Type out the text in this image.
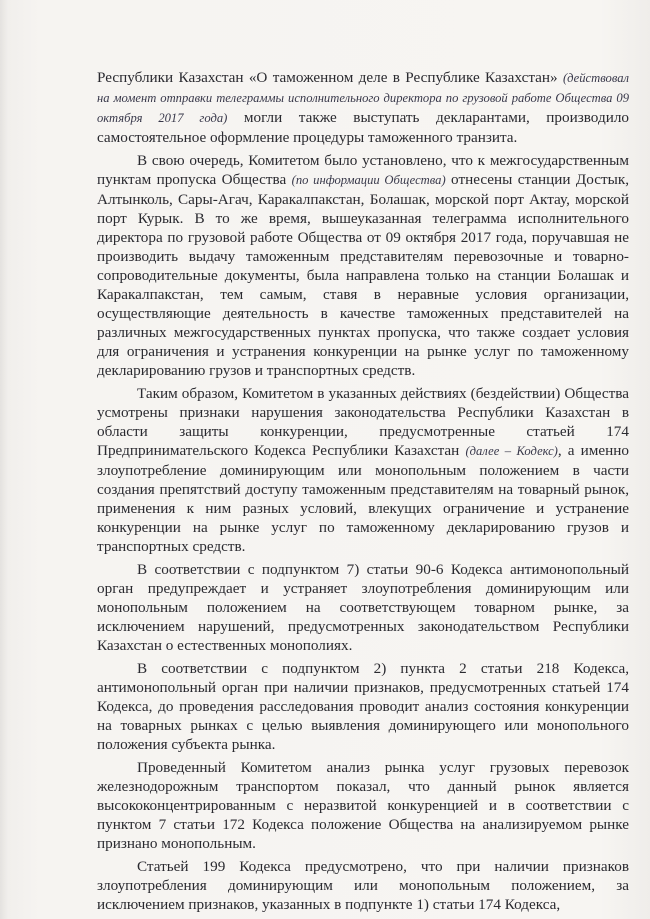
Республики Казахстан «О таможенном деле в Республике Казахстан» (действовал на момент отправки телеграммы исполнительного директора по грузовой работе Общества 09 октября 2017 года) могли также выступать декларантами, производило самостоятельное оформление процедуры таможенного транзита.

В свою очередь, Комитетом было установлено, что к межгосударственным пунктам пропуска Общества (по информации Общества) отнесены станции Достык, Алтынколь, Сары-Агач, Каракалпакстан, Болашак, морской порт Актау, морской порт Курык. В то же время, вышеуказанная телеграмма исполнительного директора по грузовой работе Общества от 09 октября 2017 года, поручавшая не производить выдачу таможенным представителям перевозочные и товарно-сопроводительные документы, была направлена только на станции Болашак и Каракалпакстан, тем самым, ставя в неравные условия организации, осуществляющие деятельность в качестве таможенных представителей на различных межгосударственных пунктах пропуска, что также создает условия для ограничения и устранения конкуренции на рынке услуг по таможенному декларированию грузов и транспортных средств.

Таким образом, Комитетом в указанных действиях (бездействии) Общества усмотрены признаки нарушения законодательства Республики Казахстан в области защиты конкуренции, предусмотренные статьей 174 Предпринимательского Кодекса Республики Казахстан (далее – Кодекс), а именно злоупотребление доминирующим или монопольным положением в части создания препятствий доступу таможенным представителям на товарный рынок, применения к ним разных условий, влекущих ограничение и устранение конкуренции на рынке услуг по таможенному декларированию грузов и транспортных средств.

В соответствии с подпунктом 7) статьи 90-6 Кодекса антимонопольный орган предупреждает и устраняет злоупотребления доминирующим или монопольным положением на соответствующем товарном рынке, за исключением нарушений, предусмотренных законодательством Республики Казахстан о естественных монополиях.

В соответствии с подпунктом 2) пункта 2 статьи 218 Кодекса, антимонопольный орган при наличии признаков, предусмотренных статьей 174 Кодекса, до проведения расследования проводит анализ состояния конкуренции на товарных рынках с целью выявления доминирующего или монопольного положения субъекта рынка.

Проведенный Комитетом анализ рынка услуг грузовых перевозок железнодорожным транспортом показал, что данный рынок является высококонцентрированным с неразвитой конкуренцией и в соответствии с пунктом 7 статьи 172 Кодекса положение Общества на анализируемом рынке признано монопольным.

Статьей 199 Кодекса предусмотрено, что при наличии признаков злоупотребления доминирующим или монопольным положением, за исключением признаков, указанных в подпункте 1) статьи 174 Кодекса,
